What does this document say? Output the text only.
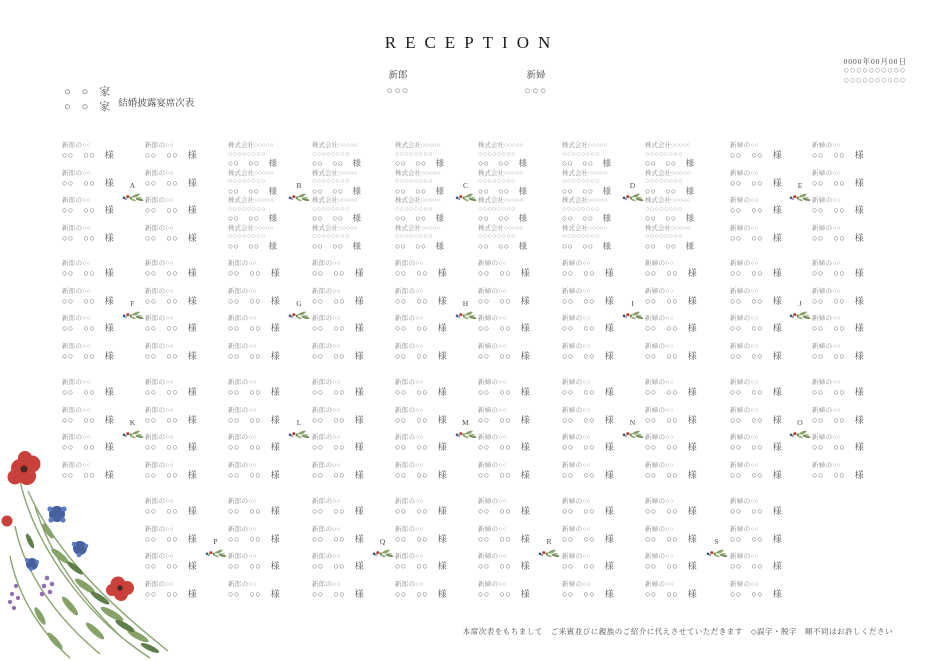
RECEPTION
0000年00月00日
○○○○○○○○○○
○○○○○○○○○○
○　○　家
○　○　家 結婚披露宴席次表
新郎
○○○
新婦
○○○
新郎の○○
○○　○○　様
新郎の○○
○○　○○　様
新郎の○○
○○　○○　様
新郎の○○
○○　○○　様
新郎の○○
○○　○○　様
新郎の○○
○○　○○　様
新郎の○○
○○　○○　様
新郎の○○
○○　○○　様
A
株式会社○○○○○
○○○○○○○○
○○　○○　様
株式会社○○○○○
○○○○○○○○
○○　○○　様
株式会社○○○○○
○○○○○○○○
○○　○○　様
株式会社○○○○○
○○○○○○○○
○○　○○　様
株式会社○○○○○
○○○○○○○○
○○　○○　様
株式会社○○○○○
○○○○○○○○
○○　○○　様
株式会社○○○○○
○○○○○○○○
○○　○○　様
株式会社○○○○○
○○○○○○○○
○○　○○　様
B
株式会社○○○○○
○○○○○○○○
○○　○○　様
株式会社○○○○○
○○○○○○○○
○○　○○　様
株式会社○○○○○
○○○○○○○○
○○　○○　様
株式会社○○○○○
○○○○○○○○
○○　○○　様
株式会社○○○○○
○○○○○○○○
○○　○○　様
株式会社○○○○○
○○○○○○○○
○○　○○　様
株式会社○○○○○
○○○○○○○○
○○　○○　様
株式会社○○○○○
○○○○○○○○
○○　○○　様
C
株式会社○○○○○
○○○○○○○○
○○　○○　様
株式会社○○○○○
○○○○○○○○
○○　○○　様
株式会社○○○○○
○○○○○○○○
○○　○○　様
株式会社○○○○○
○○○○○○○○
○○　○○　様
株式会社○○○○○
○○○○○○○○
○○　○○　様
株式会社○○○○○
○○○○○○○○
○○　○○　様
株式会社○○○○○
○○○○○○○○
○○　○○　様
株式会社○○○○○
○○○○○○○○
○○　○○　様
D
新婦の○○
○○　○○　様
新婦の○○
○○　○○　様
新婦の○○
○○　○○　様
新婦の○○
○○　○○　様
新婦の○○
○○　○○　様
新婦の○○
○○　○○　様
新婦の○○
○○　○○　様
新婦の○○
○○　○○　様
E
新郎の○○
○○　○○　様
新郎の○○
○○　○○　様
新郎の○○
○○　○○　様
新郎の○○
○○　○○　様
新郎の○○
○○　○○　様
新郎の○○
○○　○○　様
新郎の○○
○○　○○　様
新郎の○○
○○　○○　様
F
新郎の○○
○○　○○　様
新郎の○○
○○　○○　様
新郎の○○
○○　○○　様
新郎の○○
○○　○○　様
新郎の○○
○○　○○　様
新郎の○○
○○　○○　様
新郎の○○
○○　○○　様
新郎の○○
○○　○○　様
G
新郎の○○
○○　○○　様
新郎の○○
○○　○○　様
新郎の○○
○○　○○　様
新郎の○○
○○　○○　様
新婦の○○
○○　○○　様
新婦の○○
○○　○○　様
新婦の○○
○○　○○　様
新婦の○○
○○　○○　様
H
新婦の○○
○○　○○　様
新婦の○○
○○　○○　様
新婦の○○
○○　○○　様
新婦の○○
○○　○○　様
新婦の○○
○○　○○　様
新婦の○○
○○　○○　様
新婦の○○
○○　○○　様
新婦の○○
○○　○○　様
I
新婦の○○
○○　○○　様
新婦の○○
○○　○○　様
新婦の○○
○○　○○　様
新婦の○○
○○　○○　様
新婦の○○
○○　○○　様
新婦の○○
○○　○○　様
新婦の○○
○○　○○　様
新婦の○○
○○　○○　様
J
新郎の○○
○○　○○　様
新郎の○○
○○　○○　様
新郎の○○
○○　○○　様
新郎の○○
○○　○○　様
新郎の○○
○○　○○　様
新郎の○○
○○　○○　様
新郎の○○
○○　○○　様
新郎の○○
○○　○○　様
K
新郎の○○
○○　○○　様
新郎の○○
○○　○○　様
新郎の○○
○○　○○　様
新郎の○○
○○　○○　様
新郎の○○
○○　○○　様
新郎の○○
○○　○○　様
新郎の○○
○○　○○　様
新郎の○○
○○　○○　様
L
新郎の○○
○○　○○　様
新郎の○○
○○　○○　様
新郎の○○
○○　○○　様
新郎の○○
○○　○○　様
新婦の○○
○○　○○　様
新婦の○○
○○　○○　様
新婦の○○
○○　○○　様
新婦の○○
○○　○○　様
M
新婦の○○
○○　○○　様
新婦の○○
○○　○○　様
新婦の○○
○○　○○　様
新婦の○○
○○　○○　様
新婦の○○
○○　○○　様
新婦の○○
○○　○○　様
新婦の○○
○○　○○　様
新婦の○○
○○　○○　様
N
新婦の○○
○○　○○　様
新婦の○○
○○　○○　様
新婦の○○
○○　○○　様
新婦の○○
○○　○○　様
新婦の○○
○○　○○　様
新婦の○○
○○　○○　様
新婦の○○
○○　○○　様
新婦の○○
○○　○○　様
O
新郎の○○
○○　○○　様
新郎の○○
○○　○○　様
新郎の○○
○○　○○　様
新郎の○○
○○　○○　様
新郎の○○
○○　○○　様
新郎の○○
○○　○○　様
新郎の○○
○○　○○　様
新郎の○○
○○　○○　様
P
新郎の○○
○○　○○　様
新郎の○○
○○　○○　様
新郎の○○
○○　○○　様
新郎の○○
○○　○○　様
新郎の○○
○○　○○　様
新郎の○○
○○　○○　様
新郎の○○
○○　○○　様
新郎の○○
○○　○○　様
Q
新婦の○○
○○　○○　様
新婦の○○
○○　○○　様
新婦の○○
○○　○○　様
新婦の○○
○○　○○　様
新婦の○○
○○　○○　様
新婦の○○
○○　○○　様
新婦の○○
○○　○○　様
新婦の○○
○○　○○　様
R
新婦の○○
○○　○○　様
新婦の○○
○○　○○　様
新婦の○○
○○　○○　様
新婦の○○
○○　○○　様
新婦の○○
○○　○○　様
新婦の○○
○○　○○　様
新婦の○○
○○　○○　様
新婦の○○
○○　○○　様
S
本席次表をもちまして　ご来賓並びに親族のご紹介に代えさせていただきます　◇誤字・脱字　順不同はお許しください
